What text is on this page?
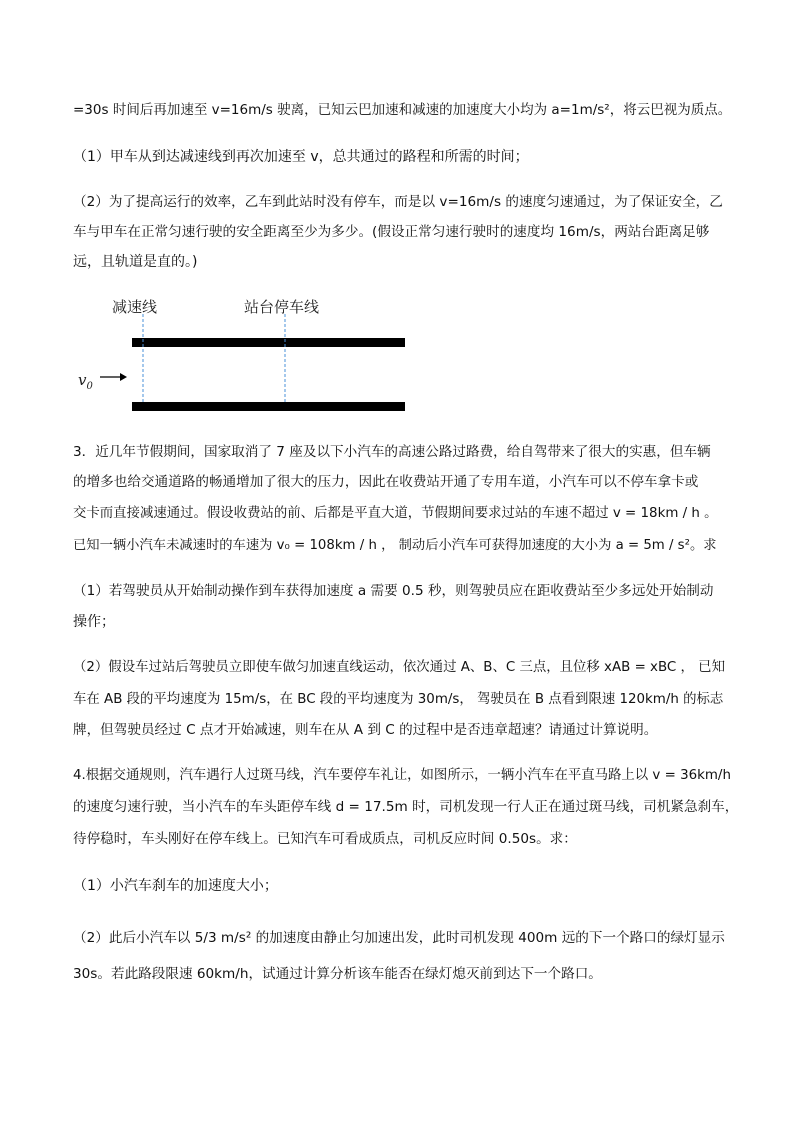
=30s 时间后再加速至 v=16m/s 驶离，已知云巴加速和减速的加速度大小均为 a=1m/s²，将云巴视为质点。
（1）甲车从到达减速线到再次加速至 v，总共通过的路程和所需的时间；
（2）为了提高运行的效率，乙车到此站时没有停车，而是以 v=16m/s 的速度匀速通过，为了保证安全，乙
车与甲车在正常匀速行驶的安全距离至少为多少。(假设正常匀速行驶时的速度均 16m/s，两站台距离足够
远，且轨道是直的。)
减速线	站台停车线
$v_0$
3．近几年节假期间，国家取消了 7 座及以下小汽车的高速公路过路费，给自驾带来了很大的实惠，但车辆
的增多也给交通道路的畅通增加了很大的压力，因此在收费站开通了专用车道，小汽车可以不停车拿卡或
交卡而直接减速通过。假设收费站的前、后都是平直大道，节假期间要求过站的车速不超过 v = 18km / h 。
已知一辆小汽车未减速时的车速为 v₀ = 108km / h ， 制动后小汽车可获得加速度的大小为 a = 5m / s²。求
（1）若驾驶员从开始制动操作到车获得加速度 a 需要 0.5 秒，则驾驶员应在距收费站至少多远处开始制动
操作；
（2）假设车过站后驾驶员立即使车做匀加速直线运动，依次通过 A、B、C 三点，且位移 xAB = xBC ， 已知
车在 AB 段的平均速度为 15m/s，在 BC 段的平均速度为 30m/s， 驾驶员在 B 点看到限速 120km/h 的标志
牌，但驾驶员经过 C 点才开始减速，则车在从 A 到 C 的过程中是否违章超速？请通过计算说明。
4.根据交通规则，汽车遇行人过斑马线，汽车要停车礼让，如图所示，一辆小汽车在平直马路上以 v = 36km/h
的速度匀速行驶，当小汽车的车头距停车线 d = 17.5m 时，司机发现一行人正在通过斑马线，司机紧急刹车，
待停稳时，车头刚好在停车线上。已知汽车可看成质点，司机反应时间 0.50s。求：
（1）小汽车刹车的加速度大小；
（2）此后小汽车以 5/3 m/s² 的加速度由静止匀加速出发，此时司机发现 400m 远的下一个路口的绿灯显示
30s。若此路段限速 60km/h，试通过计算分析该车能否在绿灯熄灭前到达下一个路口。
